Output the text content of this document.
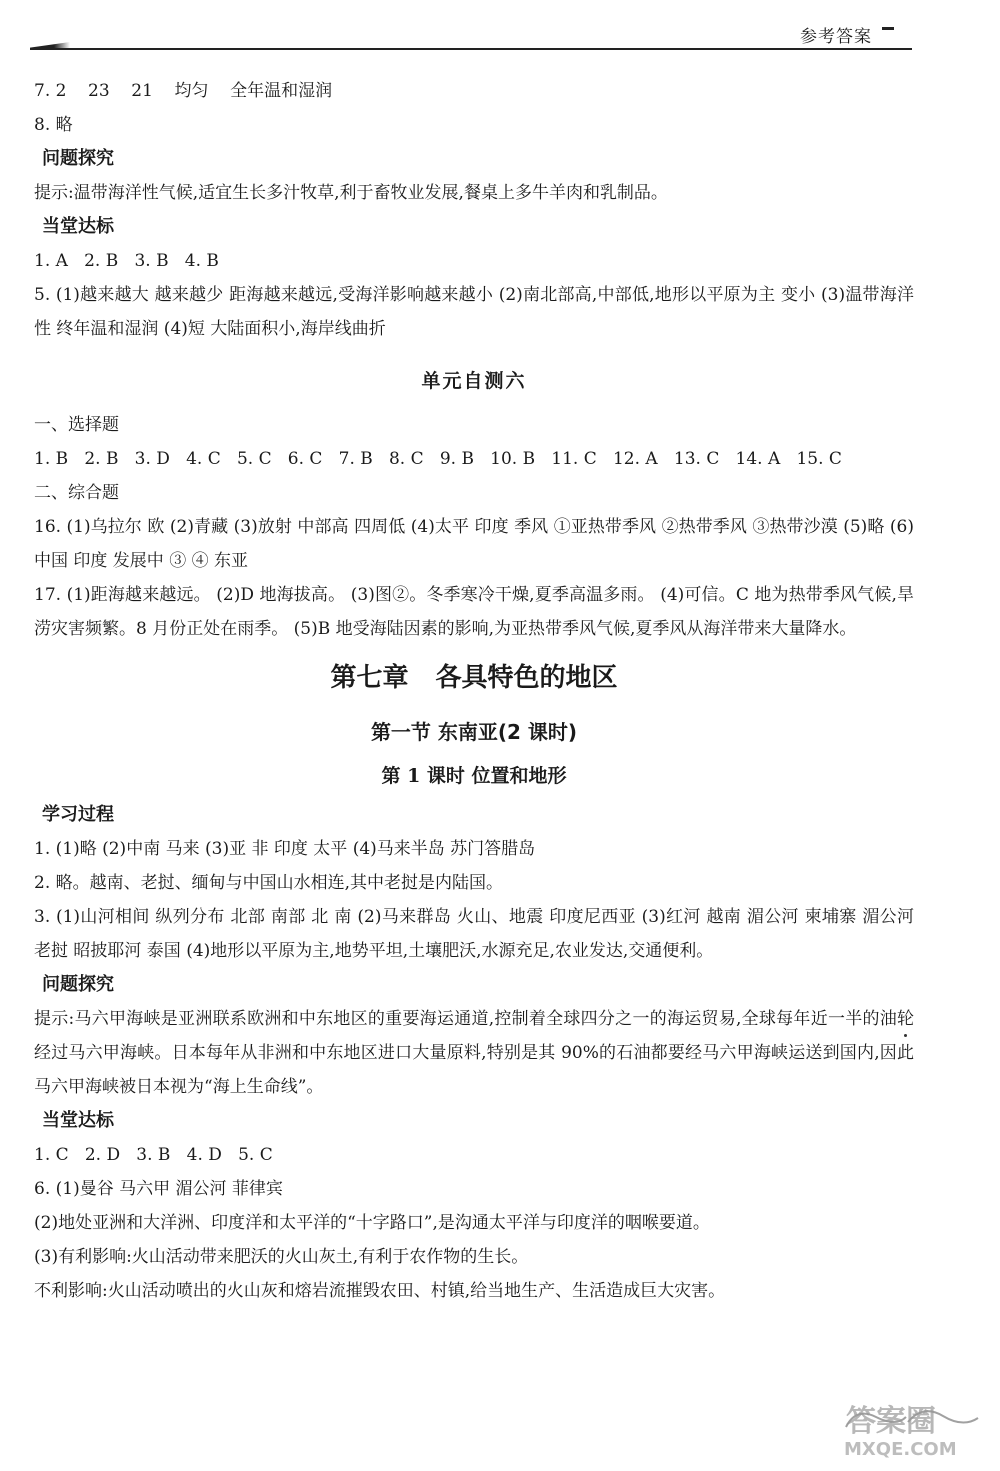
参考答案

7. 2    23    21    均匀    全年温和湿润

8. 略

问题探究

提示:温带海洋性气候,适宜生长多汁牧草,利于畜牧业发展,餐桌上多牛羊肉和乳制品。

当堂达标

1. A   2. B   3. B   4. B

5. (1)越来越大 越来越少 距海越来越远,受海洋影响越来越小 (2)南北部高,中部低,地形以平原为主 变小 (3)温带海洋性 终年温和湿润 (4)短 大陆面积小,海岸线曲折

单元自测六

一、选择题

1. B   2. B   3. D   4. C   5. C   6. C   7. B   8. C   9. B   10. B   11. C   12. A   13. C   14. A   15. C

二、综合题

16. (1)乌拉尔 欧 (2)青藏 (3)放射 中部高 四周低 (4)太平 印度 季风 ①亚热带季风 ②热带季风 ③热带沙漠 (5)略 (6)中国 印度 发展中 ③ ④ 东亚

17. (1)距海越来越远。 (2)D 地海拔高。 (3)图②。冬季寒冷干燥,夏季高温多雨。 (4)可信。C 地为热带季风气候,旱涝灾害频繁。8 月份正处在雨季。 (5)B 地受海陆因素的影响,为亚热带季风气候,夏季风从海洋带来大量降水。

第七章 各具特色的地区

第一节 东南亚(2 课时)

第 1 课时 位置和地形

学习过程

1. (1)略 (2)中南 马来 (3)亚 非 印度 太平 (4)马来半岛 苏门答腊岛

2. 略。越南、老挝、缅甸与中国山水相连,其中老挝是内陆国。

3. (1)山河相间 纵列分布 北部 南部 北 南 (2)马来群岛 火山、地震 印度尼西亚 (3)红河 越南 湄公河 柬埔寨 湄公河 老挝 昭披耶河 泰国 (4)地形以平原为主,地势平坦,土壤肥沃,水源充足,农业发达,交通便利。

问题探究

提示:马六甲海峡是亚洲联系欧洲和中东地区的重要海运通道,控制着全球四分之一的海运贸易,全球每年近一半的油轮经过马六甲海峡。日本每年从非洲和中东地区进口大量原料,特别是其 90%的石油都要经马六甲海峡运送到国内,因此马六甲海峡被日本视为“海上生命线”。

当堂达标

1. C   2. D   3. B   4. D   5. C

6. (1)曼谷 马六甲 湄公河 菲律宾

(2)地处亚洲和大洋洲、印度洋和太平洋的“十字路口”,是沟通太平洋与印度洋的咽喉要道。

(3)有利影响:火山活动带来肥沃的火山灰土,有利于农作物的生长。

不利影响:火山活动喷出的火山灰和熔岩流摧毁农田、村镇,给当地生产、生活造成巨大灾害。

答案圈
MXQE.COM
